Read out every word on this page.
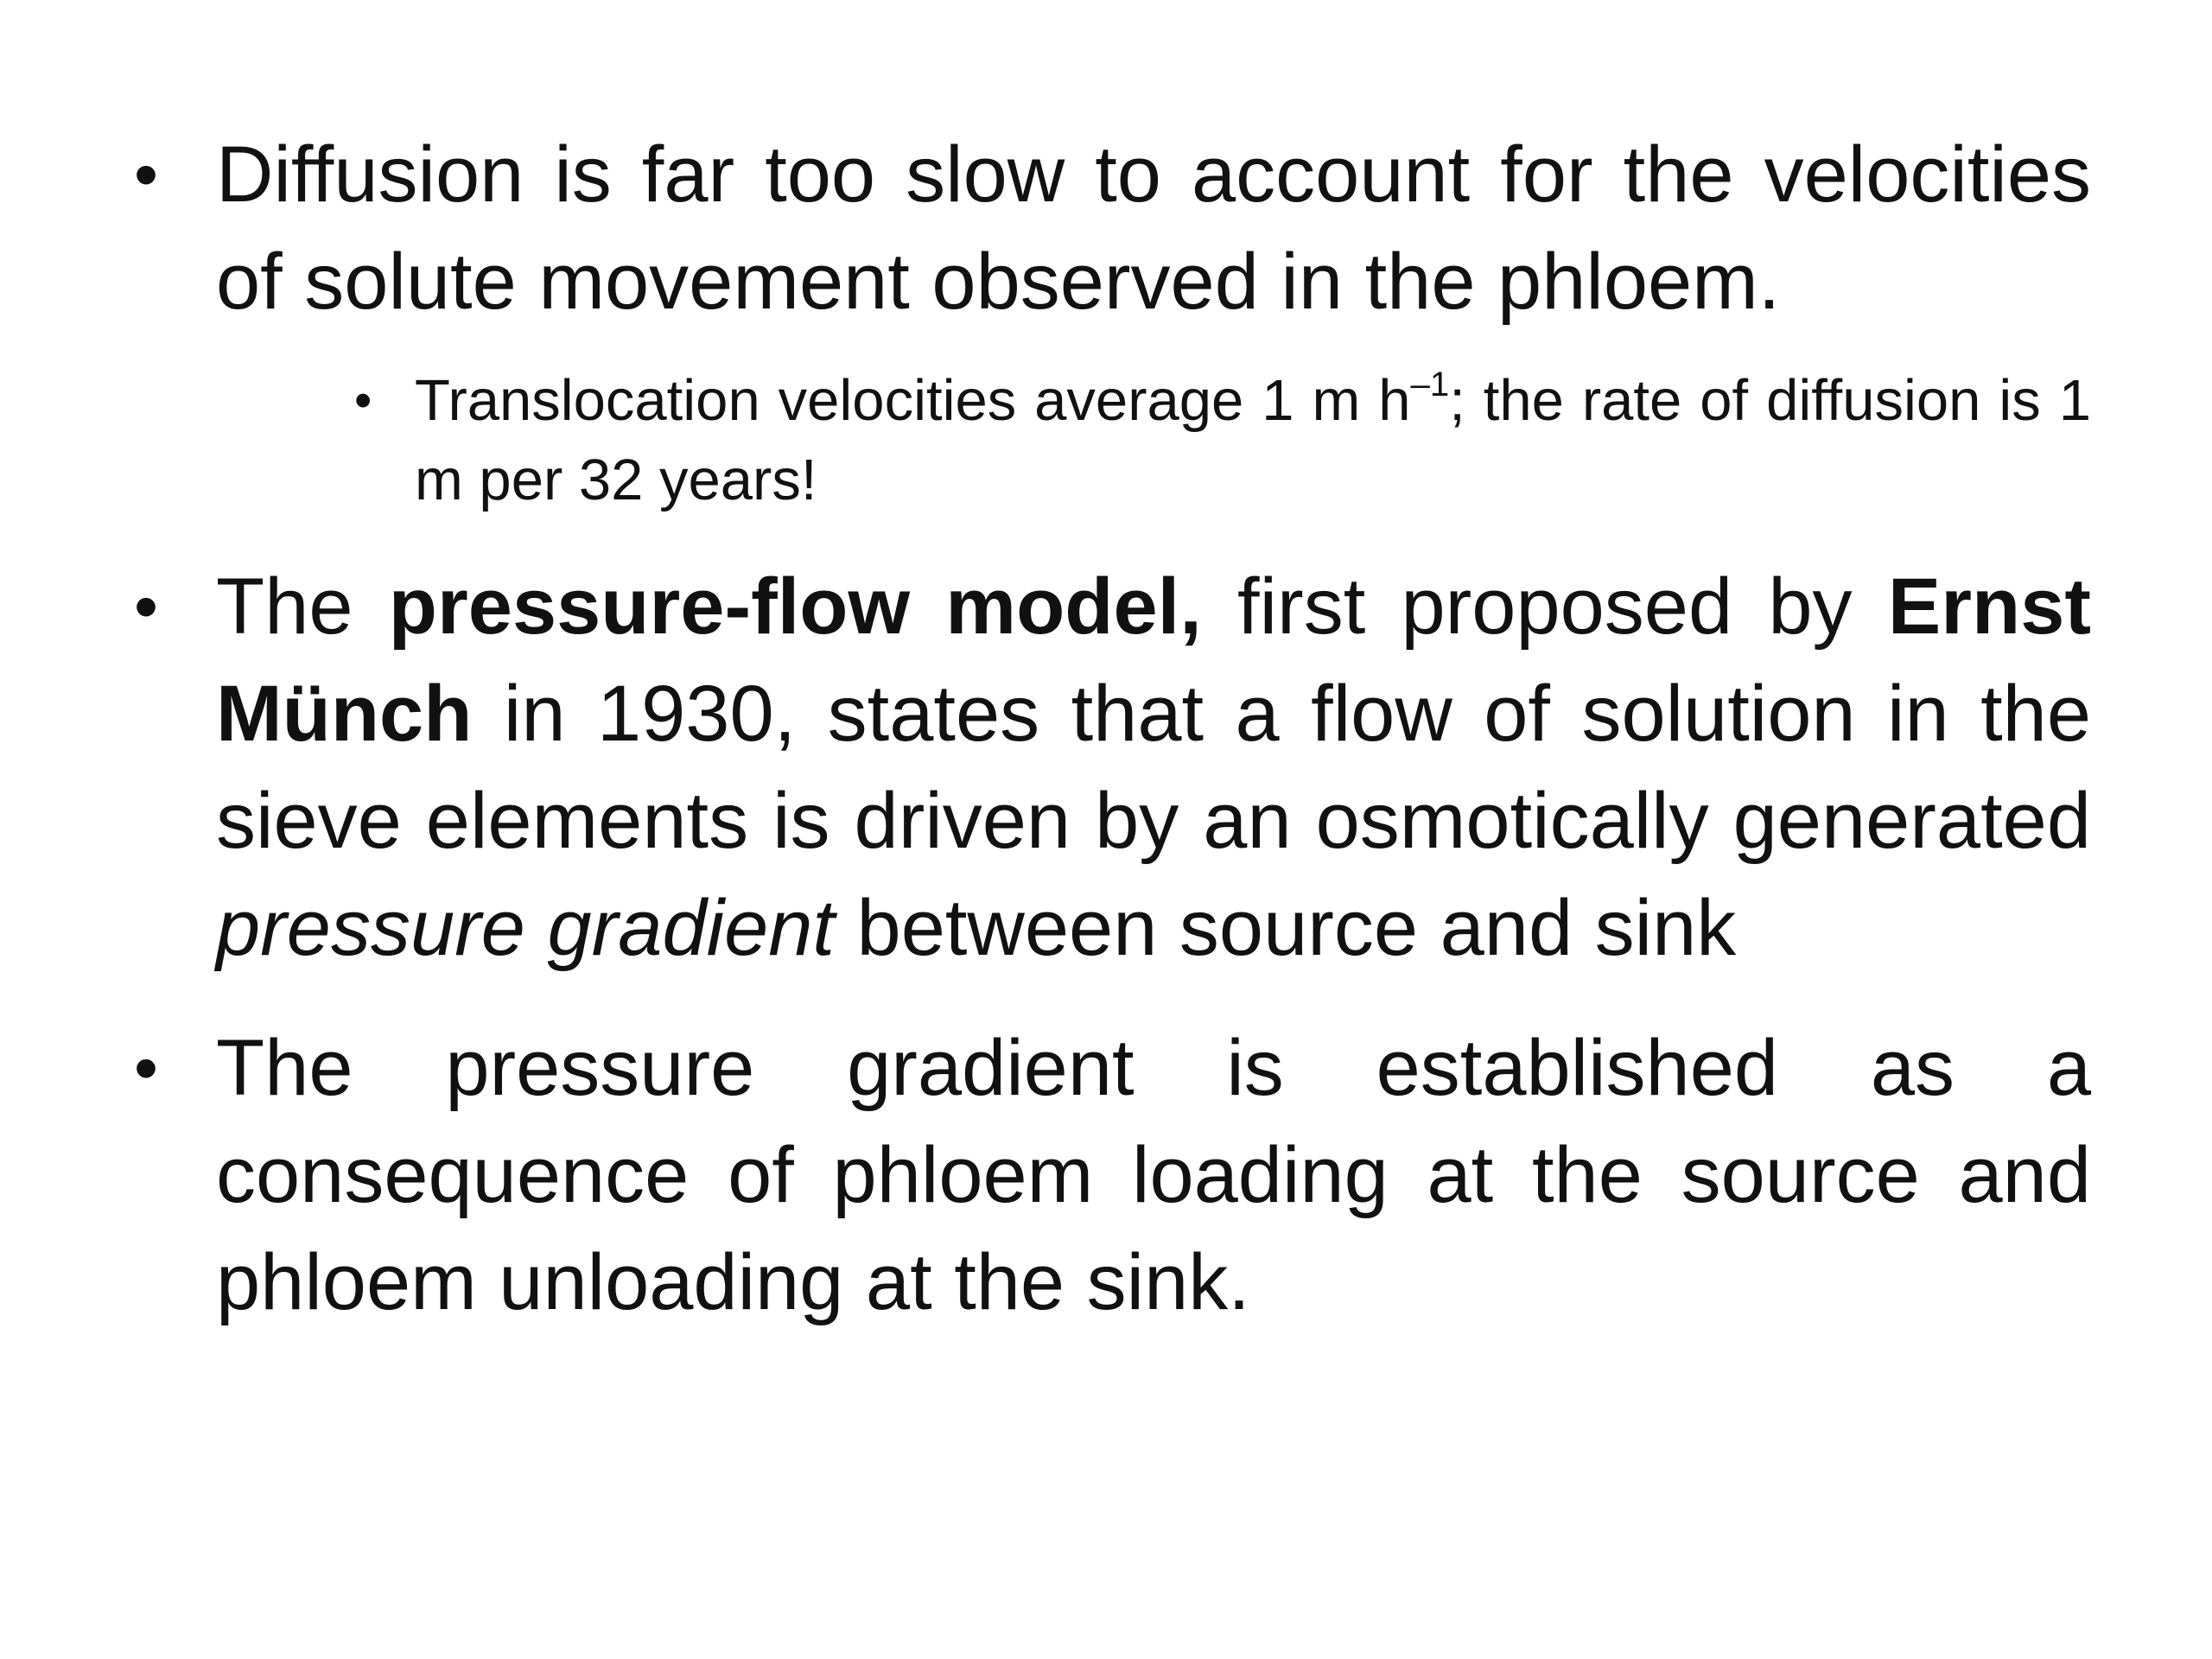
• Diffusion is far too slow to account for the velocities of solute movement observed in the phloem.
• Translocation velocities average 1 m $h^{-1}$; the rate of diffusion is 1 m per 32 years!
• The pressure-flow model, first proposed by Ernst Münch in 1930, states that a flow of solution in the sieve elements is driven by an osmotically generated pressure gradient between source and sink
• The pressure gradient is established as a consequence of phloem loading at the source and phloem unloading at the sink.
